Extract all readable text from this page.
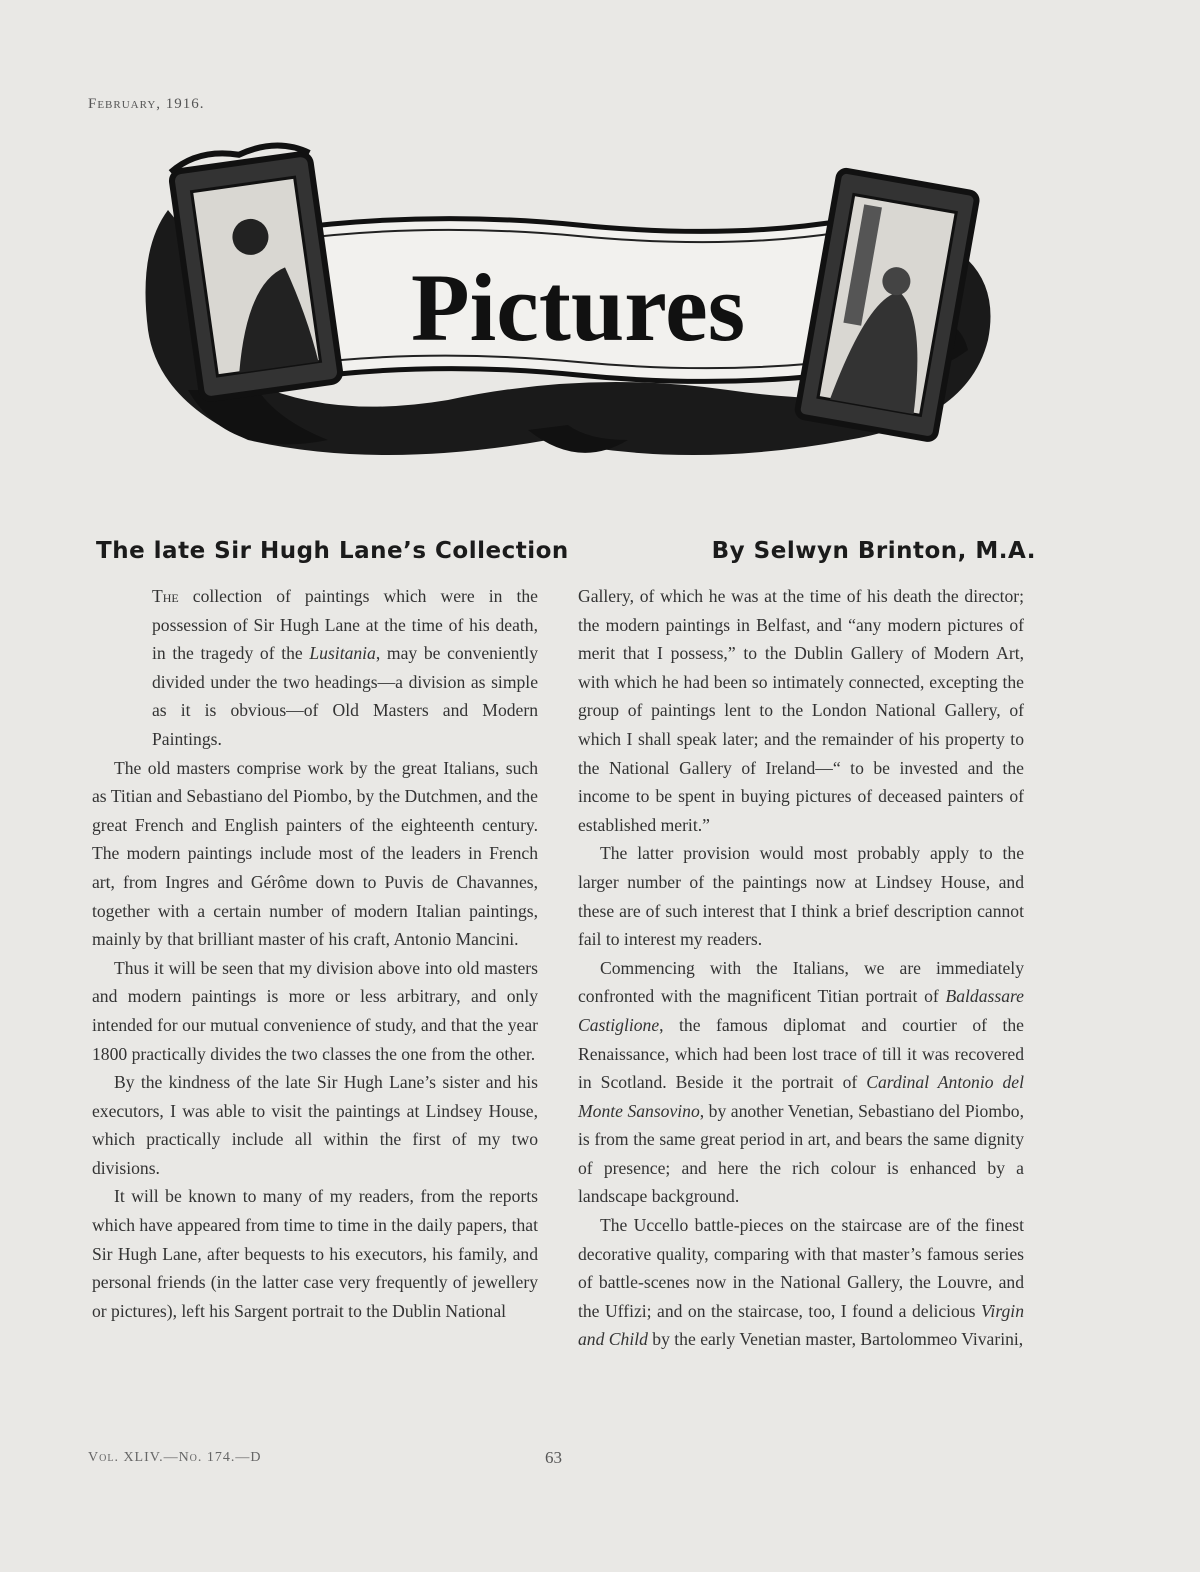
February, 1916.
Pictures
The late Sir Hugh Lane’s Collection	By Selwyn Brinton, M.A.

The collection of paintings which were in the possession of Sir Hugh Lane at the time of his death, in the tragedy of the Lusitania, may be conveniently divided under the two headings—a division as simple as it is obvious—of Old Masters and Modern Paintings.

The old masters comprise work by the great Italians, such as Titian and Sebastiano del Piombo, by the Dutchmen, and the great French and English painters of the eighteenth century. The modern paintings include most of the leaders in French art, from Ingres and Gérôme down to Puvis de Chavannes, together with a certain number of modern Italian paintings, mainly by that brilliant master of his craft, Antonio Mancini.

Thus it will be seen that my division above into old masters and modern paintings is more or less arbitrary, and only intended for our mutual convenience of study, and that the year 1800 practically divides the two classes the one from the other.

By the kindness of the late Sir Hugh Lane’s sister and his executors, I was able to visit the paintings at Lindsey House, which practically include all within the first of my two divisions.

It will be known to many of my readers, from the reports which have appeared from time to time in the daily papers, that Sir Hugh Lane, after bequests to his executors, his family, and personal friends (in the latter case very frequently of jewellery or pictures), left his Sargent portrait to the Dublin National

Gallery, of which he was at the time of his death the director; the modern paintings in Belfast, and “any modern pictures of merit that I possess,” to the Dublin Gallery of Modern Art, with which he had been so intimately connected, excepting the group of paintings lent to the London National Gallery, of which I shall speak later; and the remainder of his property to the National Gallery of Ireland—“ to be invested and the income to be spent in buying pictures of deceased painters of established merit.”

The latter provision would most probably apply to the larger number of the paintings now at Lindsey House, and these are of such interest that I think a brief description cannot fail to interest my readers.

Commencing with the Italians, we are immediately confronted with the magnificent Titian portrait of Baldassare Castiglione, the famous diplomat and courtier of the Renaissance, which had been lost trace of till it was recovered in Scotland. Beside it the portrait of Cardinal Antonio del Monte Sansovino, by another Venetian, Sebastiano del Piombo, is from the same great period in art, and bears the same dignity of presence; and here the rich colour is enhanced by a landscape background.

The Uccello battle-pieces on the staircase are of the finest decorative quality, comparing with that master’s famous series of battle-scenes now in the National Gallery, the Louvre, and the Uffizi; and on the staircase, too, I found a delicious Virgin and Child by the early Venetian master, Bartolommeo Vivarini,

Vol. XLIV.—No. 174.—D	63
